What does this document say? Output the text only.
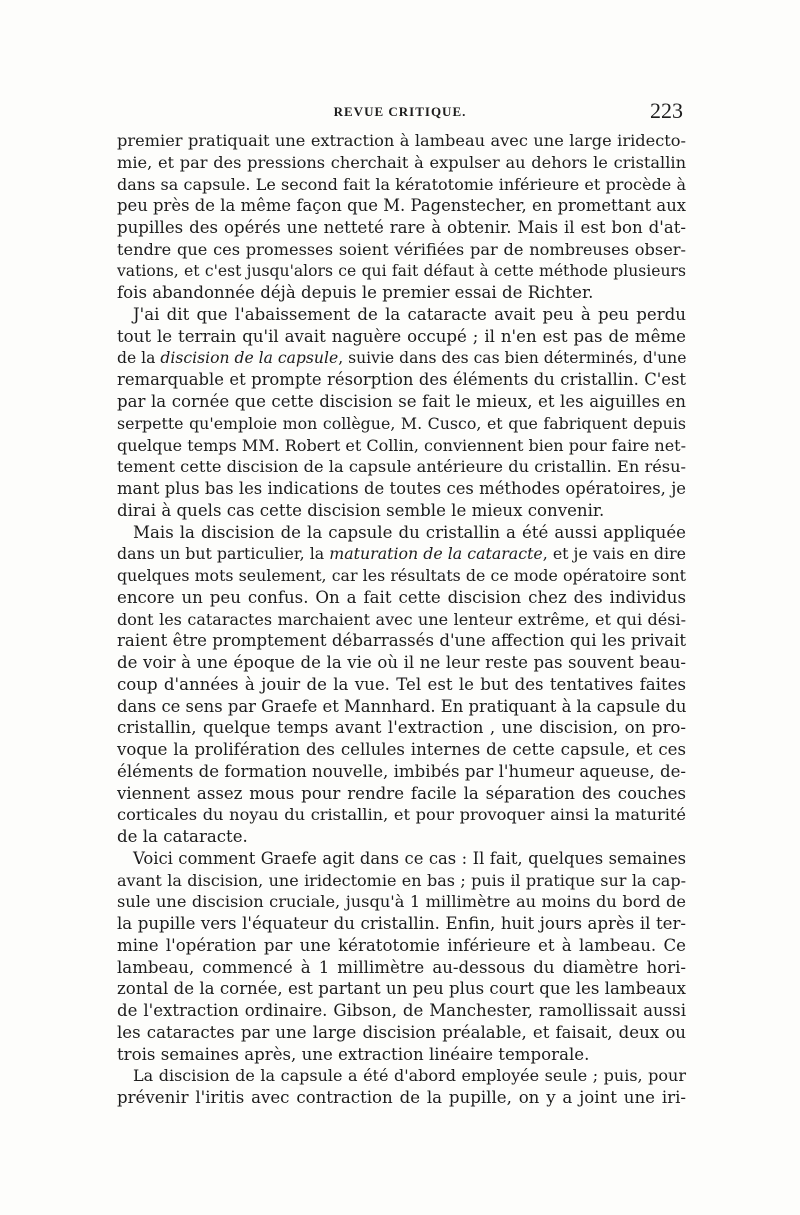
REVUE CRITIQUE.	223
premier pratiquait une extraction à lambeau avec une large iridecto-
mie, et par des pressions cherchait à expulser au dehors le cristallin
dans sa capsule. Le second fait la kératotomie inférieure et procède à
peu près de la même façon que M. Pagenstecher, en promettant aux
pupilles des opérés une netteté rare à obtenir. Mais il est bon d'at-
tendre que ces promesses soient vérifiées par de nombreuses obser-
vations, et c'est jusqu'alors ce qui fait défaut à cette méthode plusieurs
fois abandonnée déjà depuis le premier essai de Richter.
J'ai dit que l'abaissement de la cataracte avait peu à peu perdu
tout le terrain qu'il avait naguère occupé ; il n'en est pas de même
de la discision de la capsule, suivie dans des cas bien déterminés, d'une
remarquable et prompte résorption des éléments du cristallin. C'est
par la cornée que cette discision se fait le mieux, et les aiguilles en
serpette qu'emploie mon collègue, M. Cusco, et que fabriquent depuis
quelque temps MM. Robert et Collin, conviennent bien pour faire net-
tement cette discision de la capsule antérieure du cristallin. En résu-
mant plus bas les indications de toutes ces méthodes opératoires, je
dirai à quels cas cette discision semble le mieux convenir.
Mais la discision de la capsule du cristallin a été aussi appliquée
dans un but particulier, la maturation de la cataracte, et je vais en dire
quelques mots seulement, car les résultats de ce mode opératoire sont
encore un peu confus. On a fait cette discision chez des individus
dont les cataractes marchaient avec une lenteur extrême, et qui dési-
raient être promptement débarrassés d'une affection qui les privait
de voir à une époque de la vie où il ne leur reste pas souvent beau-
coup d'années à jouir de la vue. Tel est le but des tentatives faites
dans ce sens par Graefe et Mannhard. En pratiquant à la capsule du
cristallin, quelque temps avant l'extraction , une discision, on pro-
voque la prolifération des cellules internes de cette capsule, et ces
éléments de formation nouvelle, imbibés par l'humeur aqueuse, de-
viennent assez mous pour rendre facile la séparation des couches
corticales du noyau du cristallin, et pour provoquer ainsi la maturité
de la cataracte.
Voici comment Graefe agit dans ce cas : Il fait, quelques semaines
avant la discision, une iridectomie en bas ; puis il pratique sur la cap-
sule une discision cruciale, jusqu'à 1 millimètre au moins du bord de
la pupille vers l'équateur du cristallin. Enfin, huit jours après il ter-
mine l'opération par une kératotomie inférieure et à lambeau. Ce
lambeau, commencé à 1 millimètre au-dessous du diamètre hori-
zontal de la cornée, est partant un peu plus court que les lambeaux
de l'extraction ordinaire. Gibson, de Manchester, ramollissait aussi
les cataractes par une large discision préalable, et faisait, deux ou
trois semaines après, une extraction linéaire temporale.
La discision de la capsule a été d'abord employée seule ; puis, pour
prévenir l'iritis avec contraction de la pupille, on y a joint une iri-
